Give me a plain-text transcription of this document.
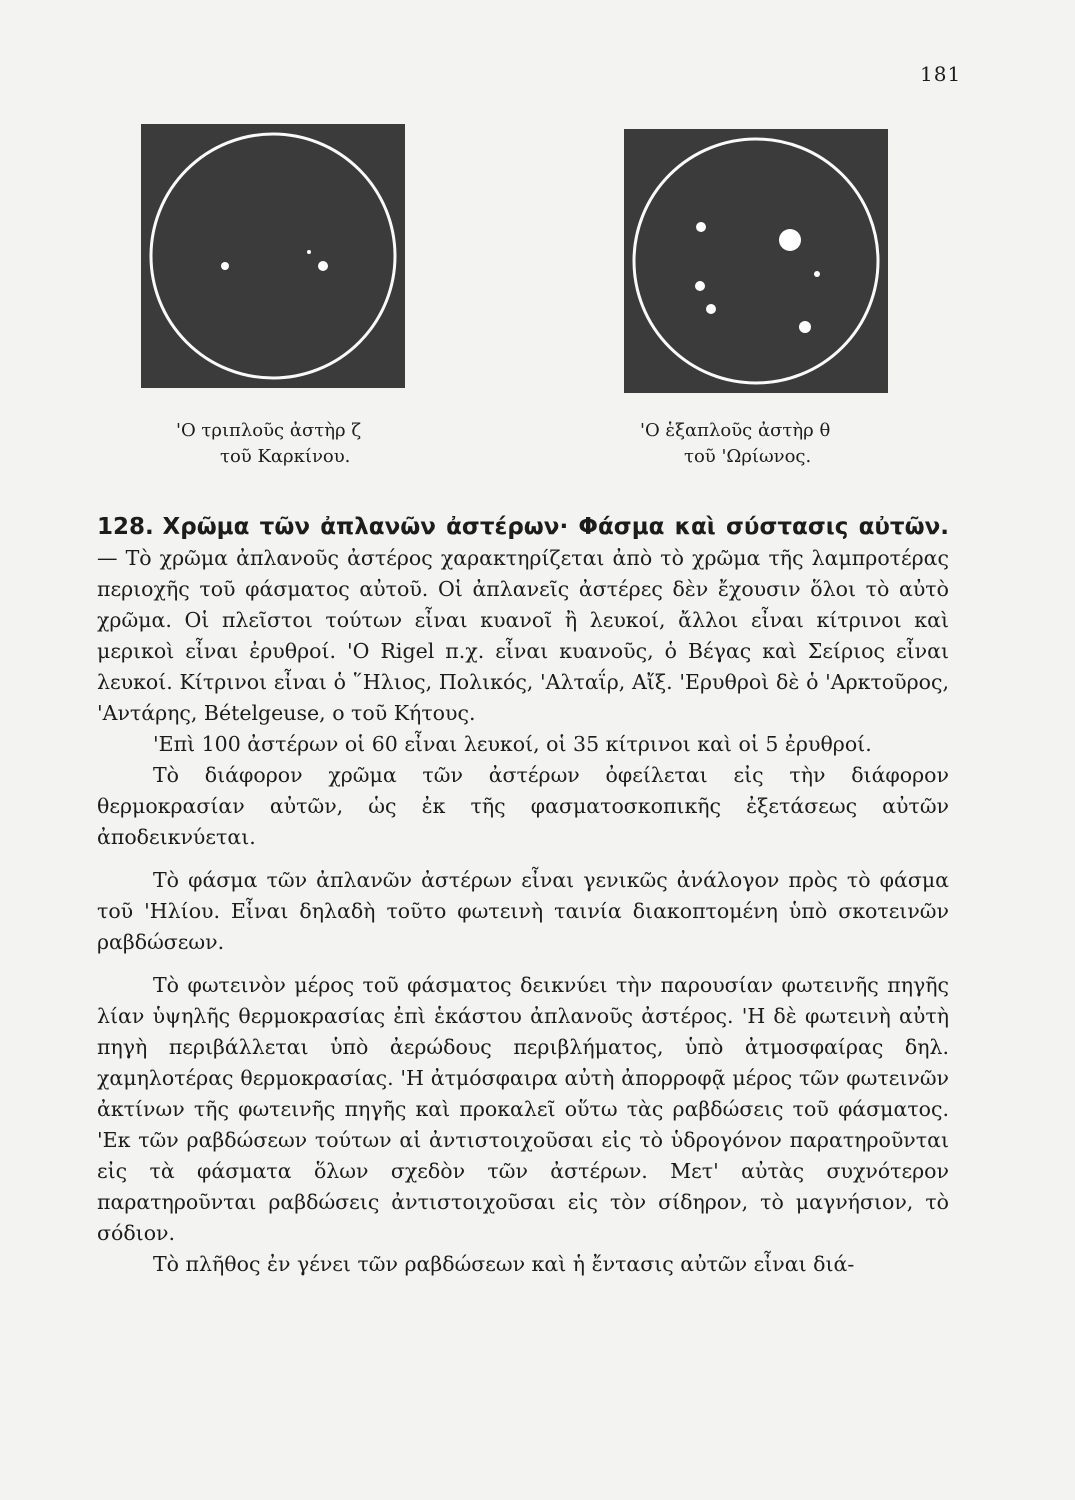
181
'Ο τριπλοῦς ἀστὴρ ζ
τοῦ Καρκίνου.
'Ο ἑξαπλοῦς ἀστὴρ θ
τοῦ 'Ωρίωνος.

128. Χρῶμα τῶν ἀπλανῶν ἀστέρων· Φάσμα καὶ σύστασις αὐτῶν. — Τὸ χρῶμα ἀπλανοῦς ἀστέρος χαρακτηρίζεται ἀπὸ τὸ χρῶμα τῆς λαμπροτέρας περιοχῆς τοῦ φάσματος αὐτοῦ. Οἱ ἀπλανεῖς ἀστέρες δὲν ἔχουσιν ὅλοι τὸ αὐτὸ χρῶμα. Οἱ πλεῖστοι τούτων εἶναι κυανοῖ ἢ λευκοί, ἄλλοι εἶναι κίτρινοι καὶ μερικοὶ εἶναι ἐρυθροί. 'Ο Rigel π.χ. εἶναι κυανοῦς, ὁ Βέγας καὶ Σείριος εἶναι λευκοί. Κίτρινοι εἶναι ὁ ῞Ηλιος, Πολικός, 'Αλταΐρ, Αἴξ. 'Ερυθροὶ δὲ ὁ 'Αρκτοῦρος, 'Αντάρης, Bételgeuse, ο τοῦ Κήτους.

'Επὶ 100 ἀστέρων οἱ 60 εἶναι λευκοί, οἱ 35 κίτρινοι καὶ οἱ 5 ἐρυθροί.

Τὸ διάφορον χρῶμα τῶν ἀστέρων ὀφείλεται εἰς τὴν διάφορον θερμοκρασίαν αὐτῶν, ὡς ἐκ τῆς φασματοσκοπικῆς ἐξετάσεως αὐτῶν ἀποδεικνύεται.

Τὸ φάσμα τῶν ἀπλανῶν ἀστέρων εἶναι γενικῶς ἀνάλογον πρὸς τὸ φάσμα τοῦ 'Ηλίου. Εἶναι δηλαδὴ τοῦτο φωτεινὴ ταινία διακοπτομένη ὑπὸ σκοτεινῶν ραβδώσεων.

Τὸ φωτεινὸν μέρος τοῦ φάσματος δεικνύει τὴν παρουσίαν φωτεινῆς πηγῆς λίαν ὑψηλῆς θερμοκρασίας ἐπὶ ἑκάστου ἀπλανοῦς ἀστέρος. 'Η δὲ φωτεινὴ αὐτὴ πηγὴ περιβάλλεται ὑπὸ ἀερώδους περιβλήματος, ὑπὸ ἀτμοσφαίρας δηλ. χαμηλοτέρας θερμοκρασίας. 'Η ἀτμόσφαιρα αὐτὴ ἀπορροφᾷ μέρος τῶν φωτεινῶν ἀκτίνων τῆς φωτεινῆς πηγῆς καὶ προκαλεῖ οὕτω τὰς ραβδώσεις τοῦ φάσματος. 'Εκ τῶν ραβδώσεων τούτων αἱ ἀντιστοιχοῦσαι εἰς τὸ ὑδρογόνον παρατηροῦνται εἰς τὰ φάσματα ὅλων σχεδὸν τῶν ἀστέρων. Μετ' αὐτὰς συχνότερον παρατηροῦνται ραβδώσεις ἀντιστοιχοῦσαι εἰς τὸν σίδηρον, τὸ μαγνήσιον, τὸ σόδιον.

Τὸ πλῆθος ἐν γένει τῶν ραβδώσεων καὶ ἡ ἔντασις αὐτῶν εἶναι διά-
